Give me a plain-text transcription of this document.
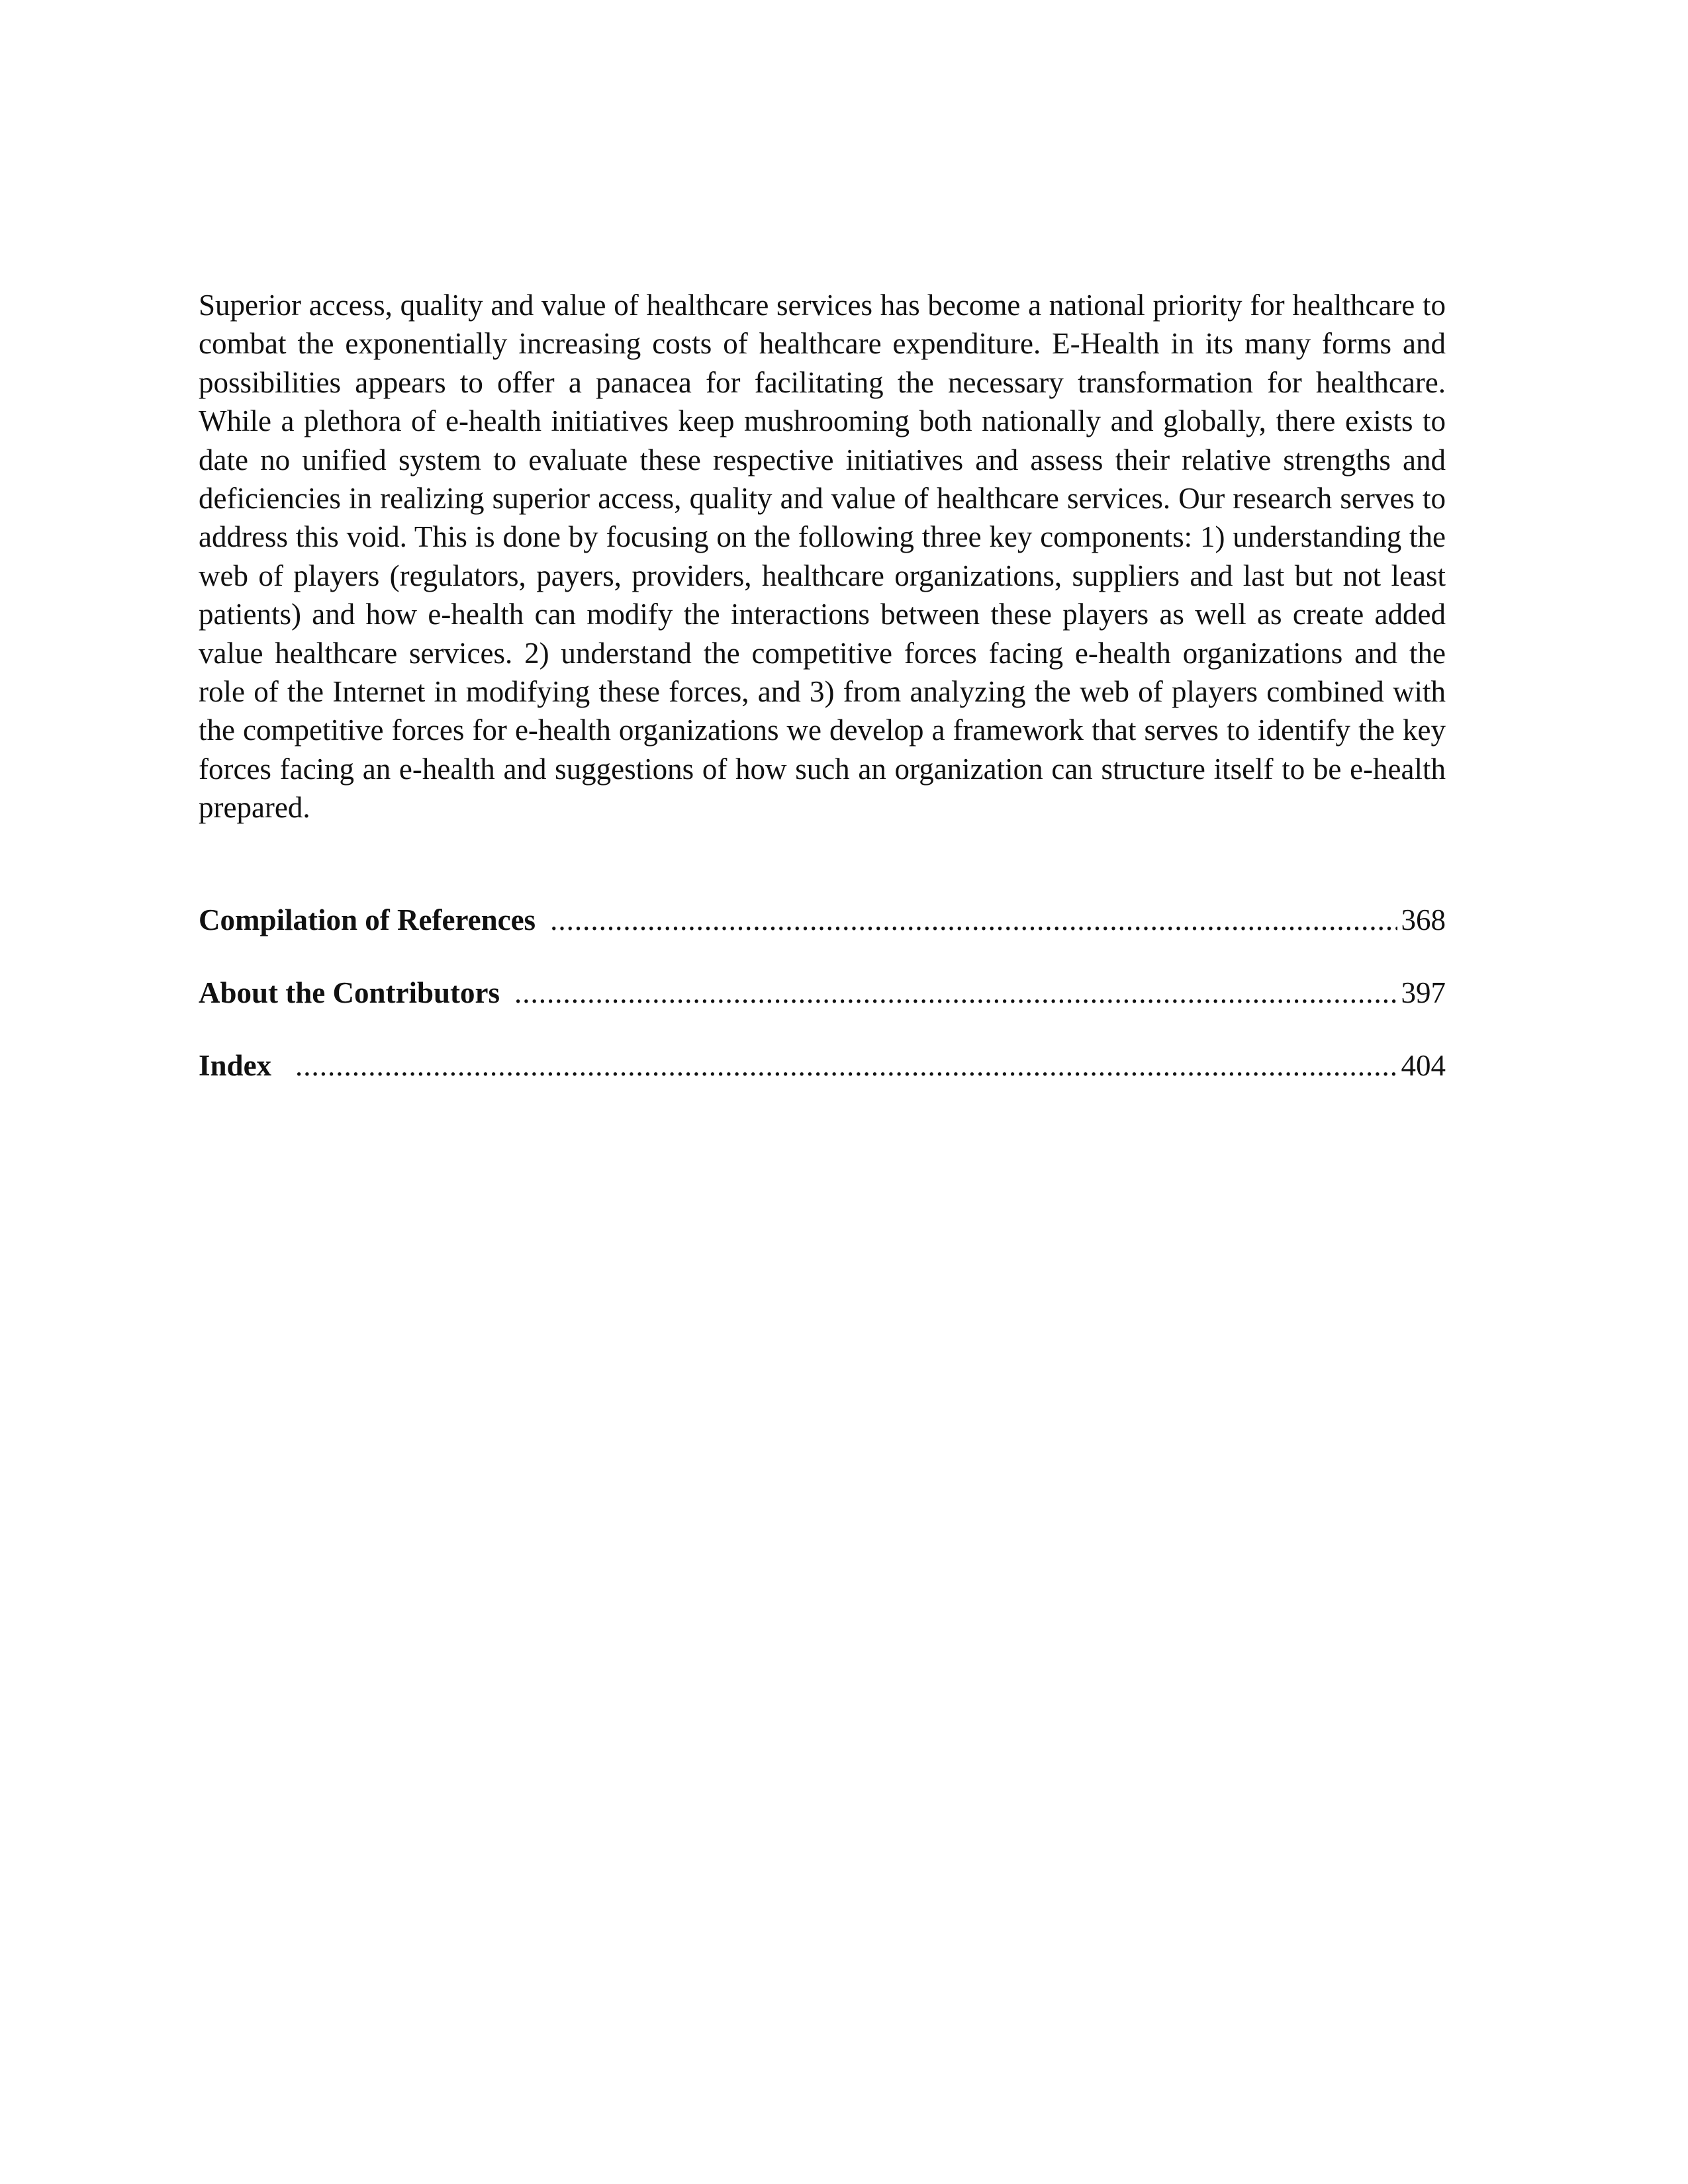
Superior access, quality and value of healthcare services has become a national priority for healthcare to combat the exponentially increasing costs of healthcare expenditure. E-Health in its many forms and possibilities appears to offer a panacea for facilitating the necessary transformation for healthcare. While a plethora of e-health initiatives keep mushrooming both nationally and globally, there exists to date no unified system to evaluate these respective initiatives and assess their relative strengths and deficiencies in realizing superior access, quality and value of healthcare services. Our research serves to address this void. This is done by focusing on the following three key components: 1) understanding the web of players (regulators, payers, providers, healthcare organizations, suppliers and last but not least patients) and how e-health can modify the interactions between these players as well as create added value healthcare services. 2) understand the competitive forces facing e-health organizations and the role of the Internet in modifying these forces, and 3) from analyzing the web of players combined with the competitive forces for e-health organizations we develop a framework that serves to identify the key forces facing an e-health and suggestions of how such an organization can structure itself to be e-health prepared.

Compilation of References .....	368
About the Contributors .....	397
Index .....	404
